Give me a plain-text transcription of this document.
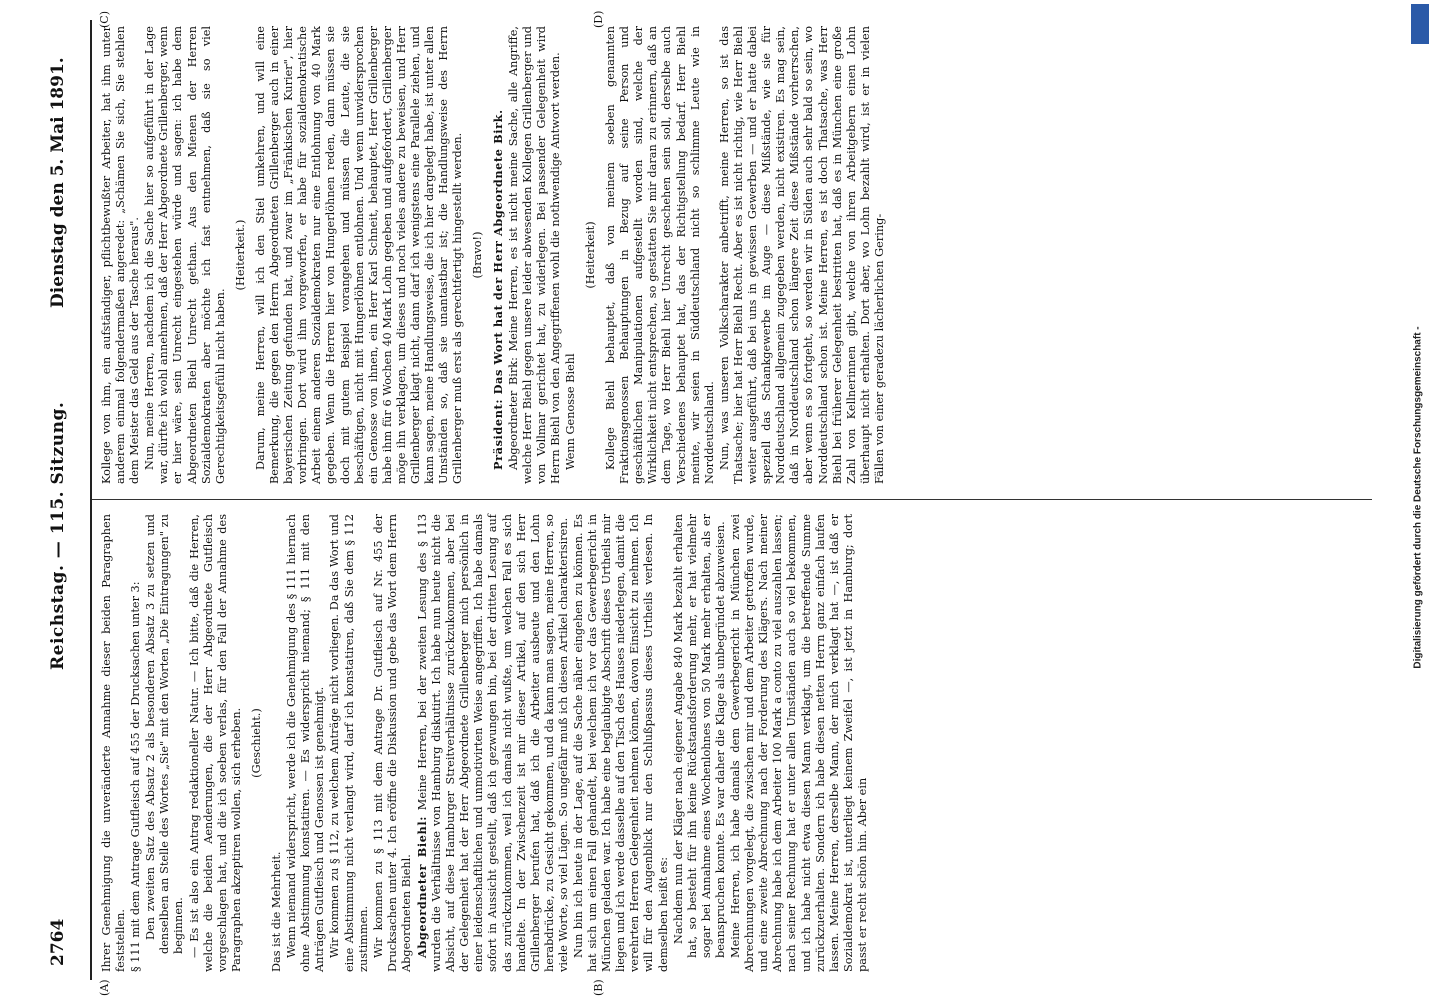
2764
Reichstag. — 115. Sitzung.
Dienstag den 5. Mai 1891.
(A)	(B)
(C)	(D)

Ihrer Genehmigung die unveränderte Annahme dieser beiden Paragraphen feststellen. § 111 mit dem Antrage Gutfleisch auf 455 der Drucksachen unter 3: Den zweiten Satz des Absatz 2 als besonderen Absatz 3 zu setzen und denselben an Stelle des Wortes „Sie" mit den Worten „Die Eintragungen" zu beginnen. — Es ist also ein Antrag redaktioneller Natur. — Ich bitte, daß die Herren, welche die beiden Aenderungen, die der Herr Abgeordnete Gutfleisch vorgeschlagen hat, und die ich soeben verlas, für den Fall der Annahme des Paragraphen akzeptiren wollen, sich erheben. (Geschieht.)

Das ist die Mehrheit. Wenn niemand widerspricht, werde ich die Genehmigung des § 111 hiernach ohne Abstimmung konstatiren. — Es widerspricht niemand; § 111 mit den Anträgen Gutfleisch und Genossen ist genehmigt. Wir kommen zu § 112, zu welchem Anträge nicht vorliegen. Da das Wort und eine Abstimmung nicht verlangt wird, darf ich konstatiren, daß Sie dem § 112 zustimmen. Wir kommen zu § 113 mit dem Antrage Dr. Gutfleisch auf Nr. 455 der Drucksachen unter 4. Ich eröffne die Diskussion und gebe das Wort dem Herrn Abgeordneten Biehl. Abgeordneter Biehl: Meine Herren, bei der zweiten Lesung des § 113 wurden die Verhältnisse von Hamburg diskutirt. Ich habe nun heute nicht die Absicht, auf diese Hamburger Streitverhältnisse zurückzukommen, aber bei der Gelegenheit hat der Herr Abgeordnete Grillenberger mich persönlich in einer leidenschaftlichen und unmotivirten Weise angegriffen. Ich habe damals sofort in Aussicht gestellt, daß ich gezwungen bin, bei der dritten Lesung auf das zurückzukommen, weil ich damals nicht wußte, um welchen Fall es sich handelte. In der Zwischenzeit ist mir dieser Artikel, auf den sich Herr Grillenberger berufen hat, daß ich die Arbeiter ausbeute und den Lohn herabdrücke, zu Gesicht gekommen, und da kann man sagen, meine Herren, so viele Worte, so viel Lügen. So ungefähr muß ich diesen Artikel charakterisiren. Nun bin ich heute in der Lage, auf die Sache näher eingehen zu können. Es hat sich um einen Fall gehandelt, bei welchem ich vor das Gewerbegericht in München geladen war. Ich habe eine beglaubigte Abschrift dieses Urtheils mir liegen und ich werde dasselbe auf den Tisch des Hauses niederlegen, damit die verehrten Herren Gelegenheit nehmen können, davon Einsicht zu nehmen. Ich will für den Augenblick nur den Schlußpassus dieses Urtheils verlesen. In demselben heißt es: Nachdem nun der Kläger nach eigener Angabe 840 Mark bezahlt erhalten hat, so besteht für ihn keine Rückstandsforderung mehr, er hat vielmehr sogar bei Annahme eines Wochenlohnes von 50 Mark mehr erhalten, als er beanspruchen konnte. Es war daher die Klage als unbegründet abzuweisen. Meine Herren, ich habe damals dem Gewerbegericht in München zwei Abrechnungen vorgelegt, die zwischen mir und dem Arbeiter getroffen wurde, und eine zweite Abrechnung nach der Forderung des Klägers. Nach meiner Abrechnung habe ich dem Arbeiter 100 Mark a conto zu viel auszahlen lassen; nach seiner Rechnung hat er unter allen Umständen auch so viel bekommen, und ich habe nicht etwa diesen Mann verklagt, um die betreffende Summe zurückzuerhalten. Sondern ich habe diesen netten Herrn ganz einfach laufen lassen. Meine Herren, derselbe Mann, der mich verklagt hat —, ist daß er Sozialdemokrat ist, unterliegt keinem Zweifel —, ist jetzt in Hamburg; dort passt er recht schön hin. Aber ein

Kollege von ihm, ein aufständiger, pflichtbewußter Arbeiter, hat ihm unter anderem einmal folgendermaßen angeredet: „Schämen Sie sich, Sie stehlen dem Meister das Geld aus der Tasche heraus". Nun, meine Herren, nachdem ich die Sache hier so aufgeführt in der Lage war, dürfte ich wohl annehmen, daß der Herr Abgeordnete Grillenberger, wenn er hier wäre, sein Unrecht eingestehen würde und sagen: ich habe dem Abgeordneten Biehl Unrecht gethan. Aus den Mienen der Herren Sozialdemokraten aber möchte ich fast entnehmen, daß sie so viel Gerechtigkeitsgefühl nicht haben.

(Heiterkeit.) Darum, meine Herren, will ich den Stiel umkehren, und will eine Bemerkung, die gegen den Herrn Abgeordneten Grillenberger auch in einer bayerischen Zeitung gefunden hat, und zwar im „Fränkischen Kurier", hier vorbringen. Dort wird ihm vorgeworfen, er habe für sozialdemokratische Arbeit einem anderen Sozialdemokraten nur eine Entlohnung von 40 Mark gegeben. Wenn die Herren hier von Hungerlöhnen reden, dann müssen sie doch mit gutem Beispiel vorangehen und müssen die Leute, die sie beschäftigen, nicht mit Hungerlöhnen entlohnen. Und wenn unwidersprochen ein Genosse von ihnen, ein Herr Karl Schneit, behauptet, Herr Grillenberger habe ihm für 6 Wochen 40 Mark Lohn gegeben und aufgefordert, Grillenberger möge ihn verklagen, um dieses und noch vieles andere zu beweisen, und Herr Grillenberger klagt nicht, dann darf ich wenigstens eine Parallele ziehen, und kann sagen, meine Handlungsweise, die ich hier dargelegt habe, ist unter allen Umständen so, daß sie unantastbar ist; die Handlungsweise des Herrn Grillenberger muß erst als gerechtfertigt hingestellt werden. (Bravo!) Präsident: Das Wort hat der Herr Abgeordnete Birk. Abgeordneter Birk: Meine Herren, es ist nicht meine Sache, alle Angriffe, welche Herr Biehl gegen unsere leider abwesenden Kollegen Grillenberger und von Vollmar gerichtet hat, zu widerlegen. Bei passender Gelegenheit wird Herrn Biehl von den Angegriffenen wohl die nothwendige Antwort werden. Wenn Genosse Biehl

(Heiterkeit) Kollege Biehl behauptet, daß von meinem soeben genannten Fraktionsgenossen Behauptungen in Bezug auf seine Person und geschäftlichen Manipulationen aufgestellt worden sind, welche der Wirklichkeit nicht entsprechen, so gestatten Sie mir daran zu erinnern, daß an dem Tage, wo Herr Biehl hier Unrecht geschehen sein soll, derselbe auch Verschiedenes behauptet hat, das der Richtigstellung bedarf. Herr Biehl meinte, wir seien in Süddeutschland nicht so schlimme Leute wie in Norddeutschland. Nun, was unseren Volkscharakter anbetrifft, meine Herren, so ist das Thatsache; hier hat Herr Biehl Recht. Aber es ist nicht richtig, wie Herr Biehl weiter ausgeführt, daß bei uns in gewissen Gewerben — und er hatte dabei speziell das Schankgewerbe im Auge — diese Mißstände, wie sie für Norddeutschland allgemein zugegeben werden, nicht existiren. Es mag sein, daß in Norddeutschland schon längere Zeit diese Mißstände vorherrschen, aber wenn es so fortgeht, so werden wir in Süden auch sehr bald so sein, wo Norddeutschland schon ist. Meine Herren, es ist doch Thatsache, was Herr Biehl bei früherer Gelegenheit bestritten hat, daß es in München eine große Zahl von Kellnerinnen gibt, welche von ihren Arbeitgebern einen Lohn überhaupt nicht erhalten. Dort aber, wo Lohn bezahlt wird, ist er in vielen Fällen von einer geradezu lächerlichen Gering-	Digitalisierung gefördert durch die Deutsche Forschungsgemeinschaft -
DFG
